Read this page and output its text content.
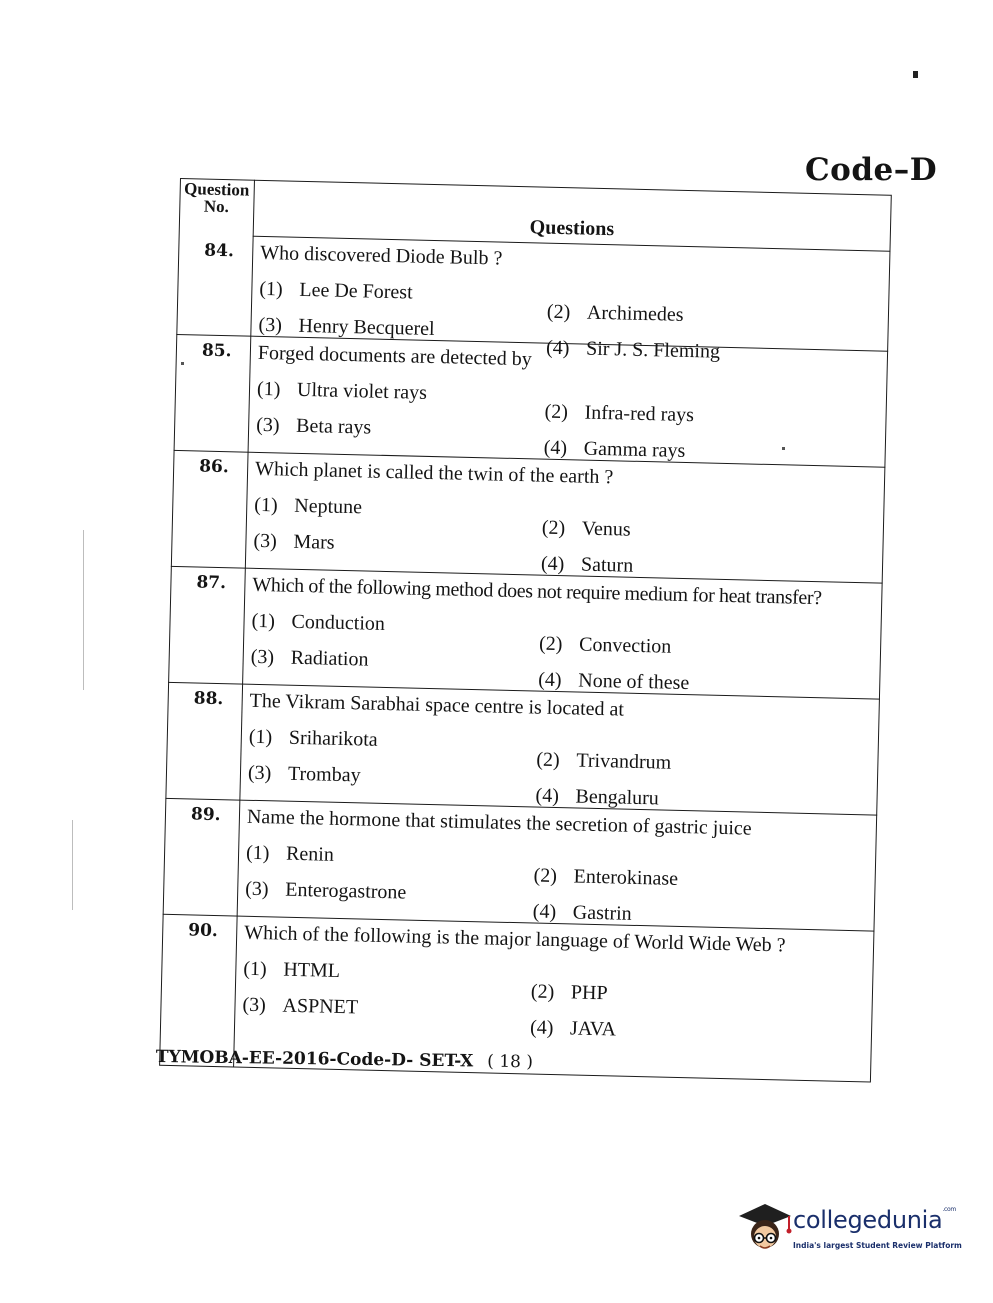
Code–D
Question No.
Questions
84. Who discovered Diode Bulb ?
(1) Lee De Forest
(2) Archimedes
(3) Henry Becquerel
(4) Sir J. S. Fleming
85. Forged documents are detected by
(1) Ultra violet rays
(2) Infra-red rays
(3) Beta rays
(4) Gamma rays
86. Which planet is called the twin of the earth ?
(1) Neptune
(2) Venus
(3) Mars
(4) Saturn
87. Which of the following method does not require medium for heat transfer?
(1) Conduction
(2) Convection
(3) Radiation
(4) None of these
88. The Vikram Sarabhai space centre is located at
(1) Sriharikota
(2) Trivandrum
(3) Trombay
(4) Bengaluru
89. Name the hormone that stimulates the secretion of gastric juice
(1) Renin
(2) Enterokinase
(3) Enterogastrone
(4) Gastrin
90. Which of the following is the major language of World Wide Web ?
(1) HTML
(2) PHP
(3) ASPNET
(4) JAVA
TYMOBA-EE-2016-Code-D- SET-X ( 18 )
collegedunia$^{.com}$
India's largest Student Review Platform
